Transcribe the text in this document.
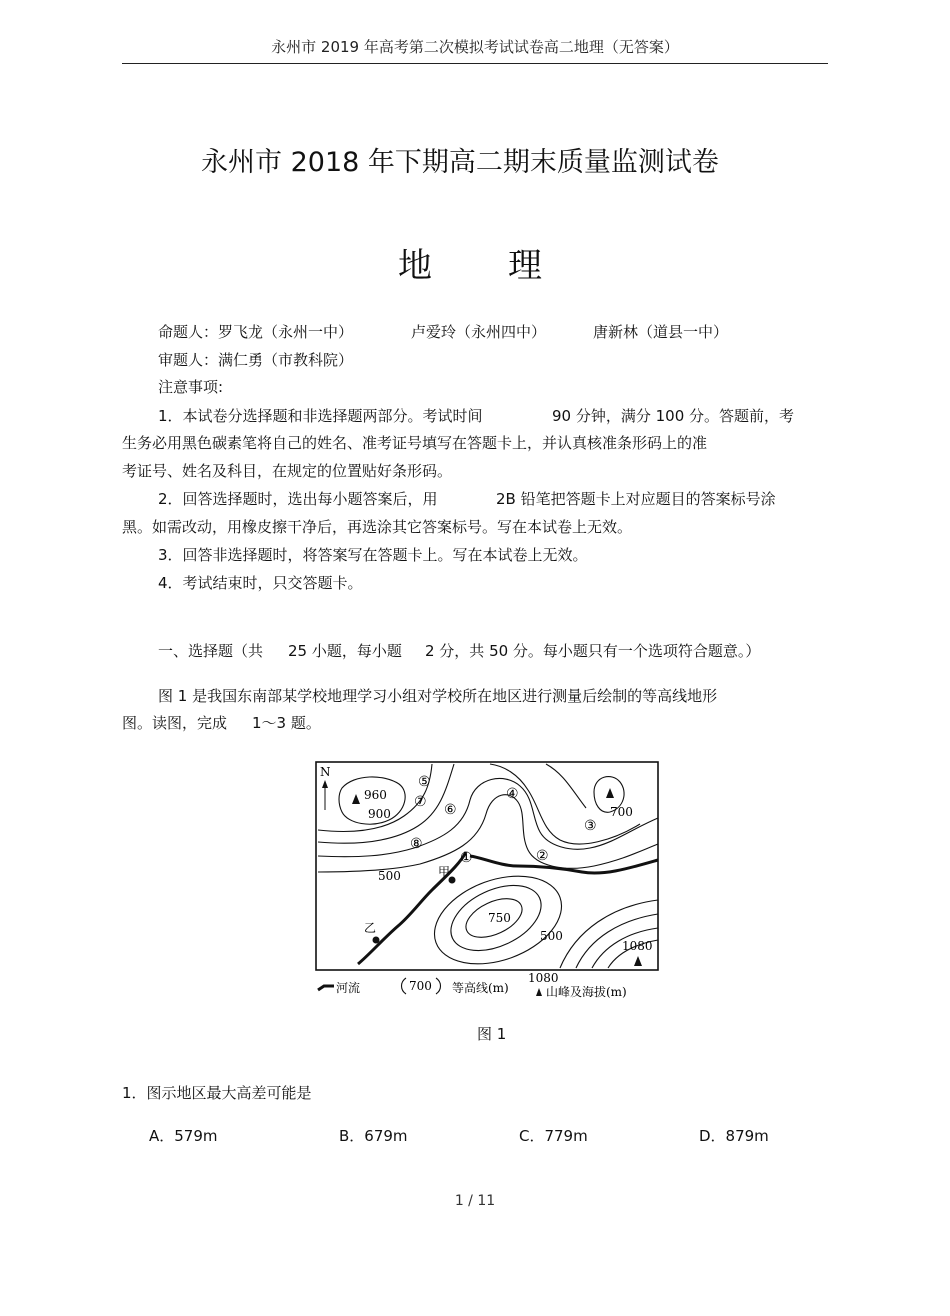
永州市 2019 年高考第二次模拟考试试卷高二地理（无答案）
永州市 2018 年下期高二期末质量监测试卷
地 理
命题人：罗飞龙（永州一中）	卢爱玲（永州四中）	唐新林（道县一中）
审题人：满仁勇（市教科院）
注意事项:
1．本试卷分选择题和非选择题两部分。考试时间	90 分钟，满分 100 分。答题前，考
生务必用黑色碳素笔将自己的姓名、准考证号填写在答题卡上，并认真核准条形码上的准
考证号、姓名及科目，在规定的位置贴好条形码。
2．回答选择题时，选出每小题答案后，用	2B 铅笔把答题卡上对应题目的答案标号涂
黑。如需改动，用橡皮擦干净后，再选涂其它答案标号。写在本试卷上无效。
3．回答非选择题时，将答案写在答题卡上。写在本试卷上无效。
4．考试结束时，只交答题卡。
一、选择题（共 25 小题，每小题 2 分，共 50 分。每小题只有一个选项符合题意。）
图 1 是我国东南部某学校地理学习小组对学校所在地区进行测量后绘制的等高线地形
图。读图，完成 1～3 题。
N
960
900	700
甲
乙
750
500
500
1080
①	②
③
④
⑤
⑥
⑦
⑧
河流	700 等高线(m)
1080
山峰及海拔(m)
图 1
1．图示地区最大高差可能是
A．579m	B．679m	C．779m	D．879m
1 / 11
